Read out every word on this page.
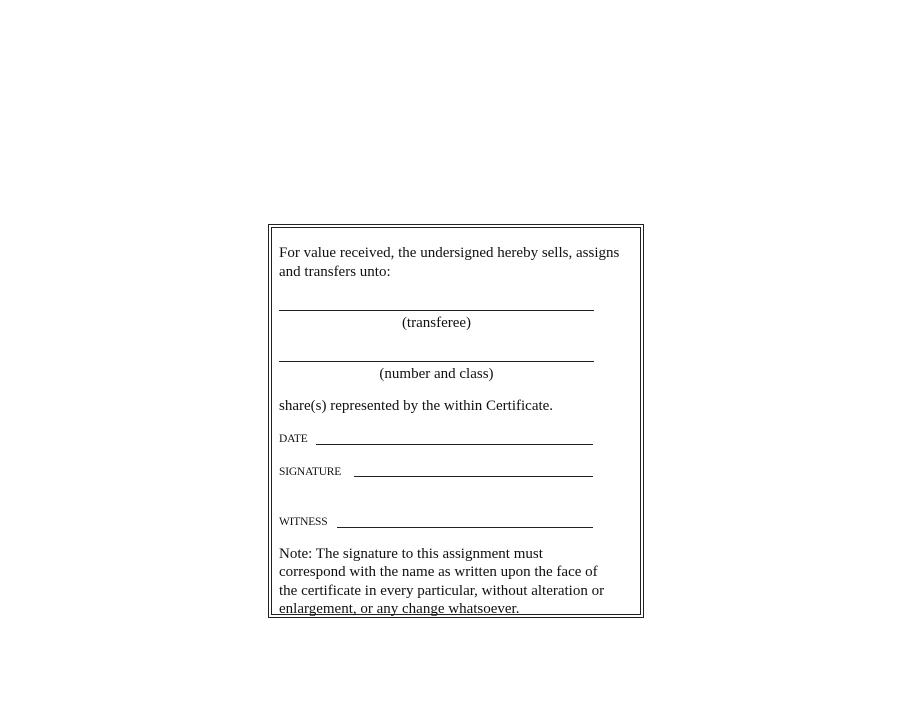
For value received, the undersigned hereby sells, assigns
and transfers unto:
(transferee)
(number and class)
share(s) represented by the within Certificate.
DATE
SIGNATURE
WITNESS
Note: The signature to this assignment must
correspond with the name as written upon the face of
the certificate in every particular, without alteration or
enlargement, or any change whatsoever.
